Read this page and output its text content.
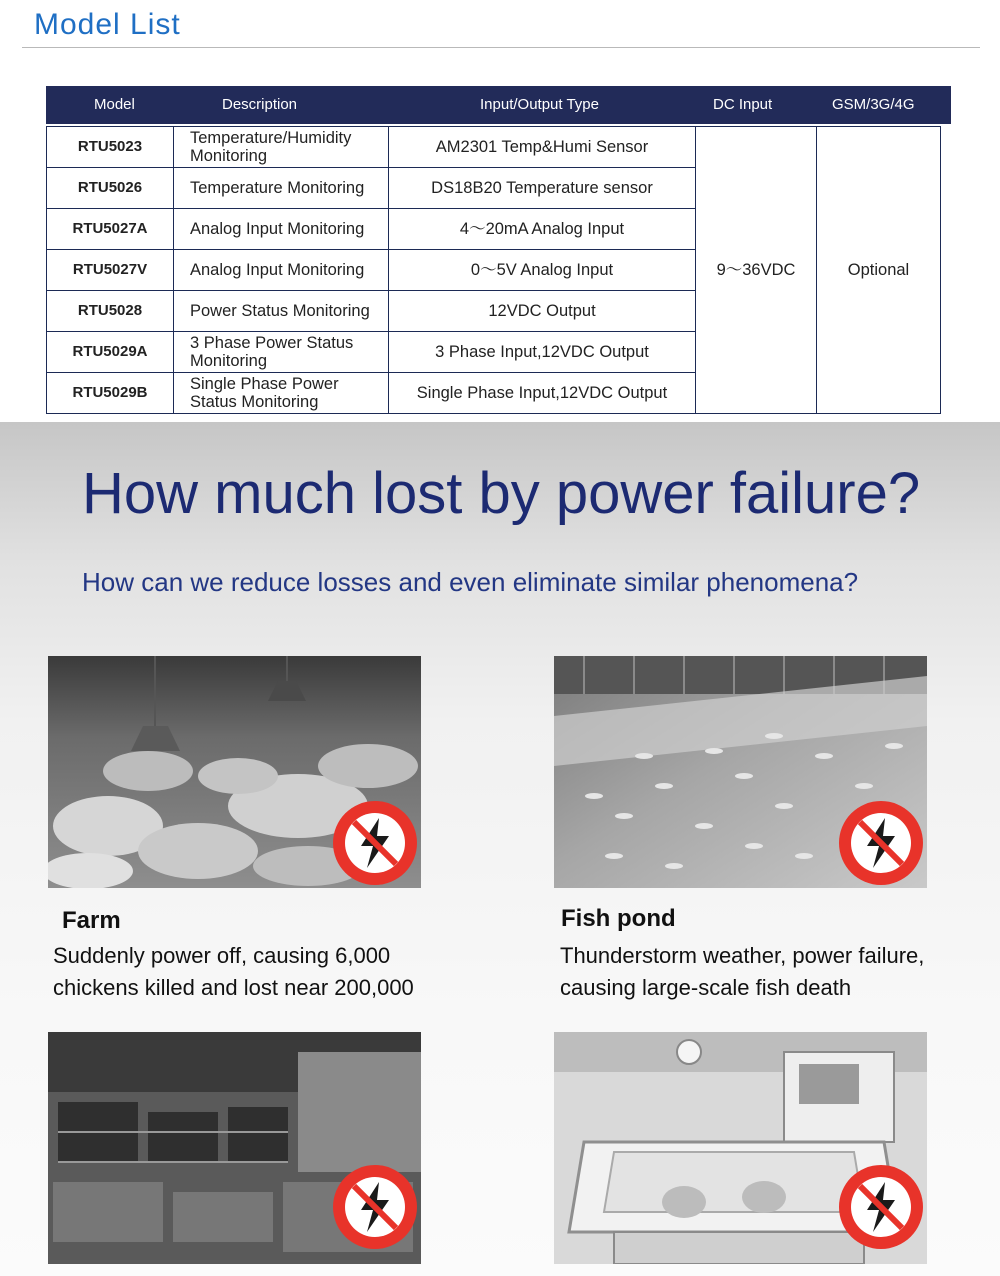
Model List
Model	Description	Input/Output Type	DC Input	GSM/3G/4G
RTU5023	Temperature/Humidity Monitoring	AM2301 Temp&Humi Sensor	9～36VDC	Optional
RTU5026	Temperature Monitoring	DS18B20 Temperature sensor		
RTU5027A	Analog Input Monitoring	4～20mA Analog Input		
RTU5027V	Analog Input Monitoring	0～5V Analog Input		
RTU5028	Power Status Monitoring	12VDC Output		
RTU5029A	3 Phase Power Status Monitoring	3 Phase Input,12VDC Output		
RTU5029B	Single Phase Power Status Monitoring	Single Phase Input,12VDC Output		
How much lost by power failure?
How can we reduce losses and even eliminate similar phenomena?
Farm
Suddenly power off, causing 6,000
chickens killed and lost near 200,000
Fish pond
Thunderstorm weather, power failure,
causing large-scale fish death
